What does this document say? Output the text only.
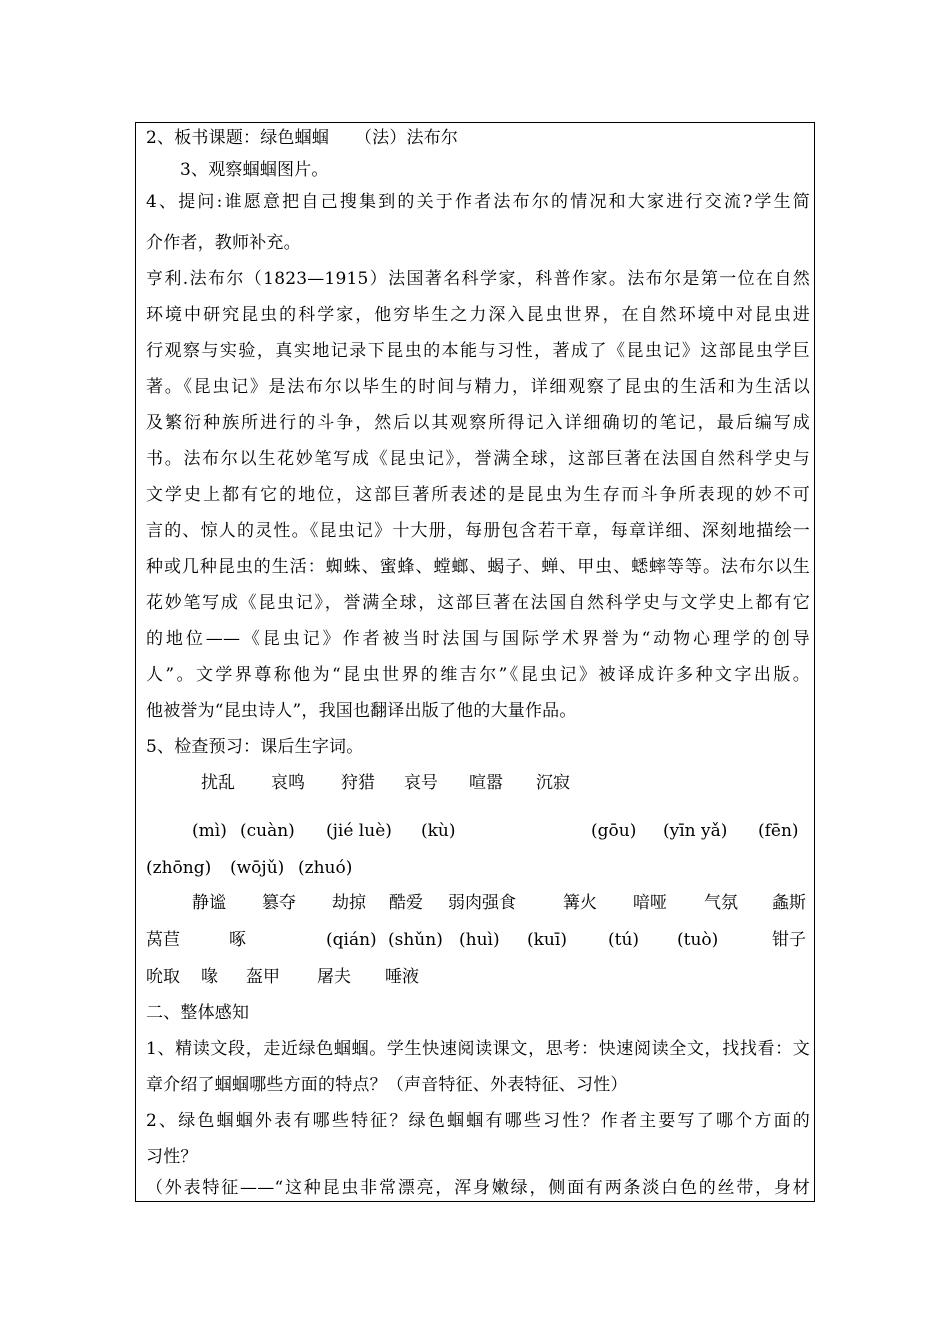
2、板书课题：绿色蝈蝈　　（法）法布尔
3、观察蝈蝈图片。
4、提问:谁愿意把自己搜集到的关于作者法布尔的情况和大家进行交流?学生简
介作者，教师补充。
亨利.法布尔（1823—1915）法国著名科学家，科普作家。法布尔是第一位在自然
环境中研究昆虫的科学家，他穷毕生之力深入昆虫世界，在自然环境中对昆虫进
行观察与实验，真实地记录下昆虫的本能与习性，著成了《昆虫记》这部昆虫学巨
著。《昆虫记》是法布尔以毕生的时间与精力，详细观察了昆虫的生活和为生活以
及繁衍种族所进行的斗争，然后以其观察所得记入详细确切的笔记，最后编写成
书。法布尔以生花妙笔写成《昆虫记》，誉满全球，这部巨著在法国自然科学史与
文学史上都有它的地位，这部巨著所表述的是昆虫为生存而斗争所表现的妙不可
言的、惊人的灵性。《昆虫记》十大册，每册包含若干章，每章详细、深刻地描绘一
种或几种昆虫的生活：蜘蛛、蜜蜂、螳螂、蝎子、蝉、甲虫、蟋蟀等等。法布尔以生
花妙笔写成《昆虫记》，誉满全球，这部巨著在法国自然科学史与文学史上都有它
的地位——《昆虫记》作者被当时法国与国际学术界誉为“动物心理学的创导
人”。文学界尊称他为“昆虫世界的维吉尔”《昆虫记》被译成许多种文字出版。
他被誉为“昆虫诗人”，我国也翻译出版了他的大量作品。
5、检查预习：课后生字词。
扰乱 哀鸣 狩猎 哀号 喧嚣 沉寂
(mì) (cuàn) (jié luè) (kù)	(gōu) (yīn yǎ) (fēn)
(zhōng) (wōjǔ) (zhuó)
静谧 篡夺 劫掠 酷爱 弱肉强食	篝火 喑哑 气氛 螽斯
莴苣	啄	(qián) (shǔn) (huì) (kuī) (tú) (tuò)	钳子
吮取 喙 盔甲 屠夫 唾液
二、整体感知
1、精读文段，走近绿色蝈蝈。学生快速阅读课文，思考：快速阅读全文，找找看：文
章介绍了蝈蝈哪些方面的特点？（声音特征、外表特征、习性）
2、绿色蝈蝈外表有哪些特征？绿色蝈蝈有哪些习性？作者主要写了哪个方面的
习性？
（外表特征——“这种昆虫非常漂亮，浑身嫩绿，侧面有两条淡白色的丝带，身材
